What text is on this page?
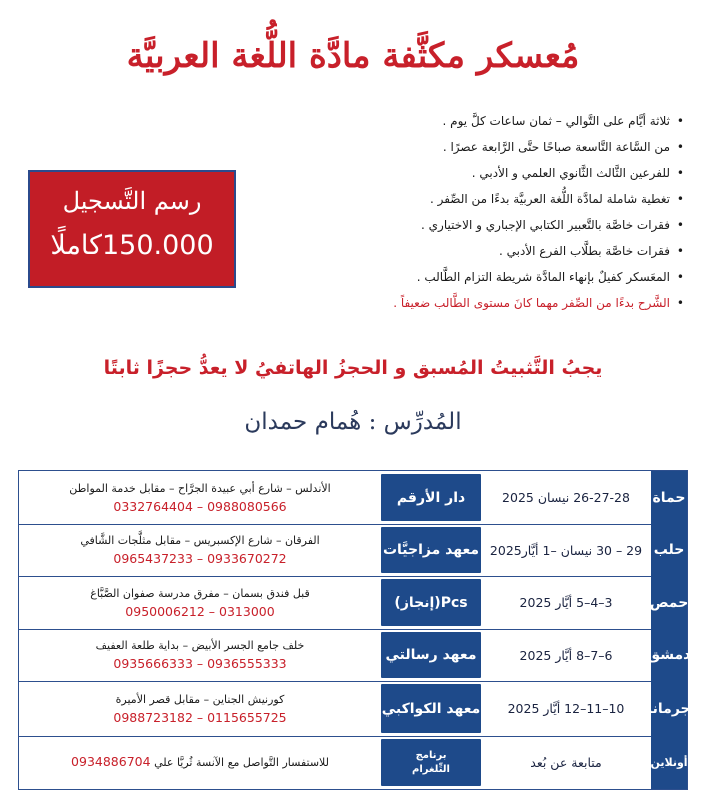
مُعسكر مكثَّفة مادَّة اللُّغة العربيَّة
• ثلاثة أيَّام على التَّوالي – ثمان ساعات كلَّ يوم .
• من السَّاعة التَّاسعة صباحًا حتَّى الرَّابعة عصرًا .
• للفرعين الثَّالث الثَّانوي العلمي و الأدبي .
• تغطية شاملة لمادَّة اللُّغة العربيَّة بدءًا من الصِّفر .
• فقرات خاصَّة بالتَّعبير الكتابي الإجباري و الاختياري .
• فقرات خاصَّة بطلَّاب الفرع الأدبي .
• المعَسكر كفيلٌ بإنهاء المادَّة شريطة التزام الطَّالب .
• الشَّرح بدءًا من الصِّفر مهما كانَ مستوى الطَّالب ضعيفاً .
رسم التَّسجيل
150.000كاملًا
يجبُ التَّثبيتُ المُسبق و الحجزُ الهاتفيُ لا يعدُّ حجزًا ثابتًا
المُدرِّس : هُمام حمدان
حماة
26-27-28 نيسان 2025
دار الأرقم
الأندلس – شارع أبي عبيدة الجرَّاح – مقابل خدمة المواطن
0988080566 – 0332764404
حلب
29 – 30 نيسان –1 أيَّار2025
معهد مزاجيَّات
الفرقان – شارع الإكسبريس – مقابل مثلَّجات الشَّافي
0933670272 – 0965437233
حمص
3–4–5 أيَّار 2025
Pcs(إنجاز)
قبل فندق بسمان – مفرق مدرسة صفوان الصَّبَّاغ
0313000 – 0950006212
دمشق
6–7–8 أيَّار 2025
معهد رسالتي
خلف جامع الجسر الأبيض – بداية طلعة العفيف
0936555333 – 0935666333
جرمانا
10–11–12 أيَّار 2025
معهد الكواكبي
كورنيش الجناين – مقابل قصر الأميرة
0115655725 – 0988723182
أونلاين
متابعة عن بُعد
برنامج
التِّلغرام
للاستفسار التَّواصل مع الآنسة ثُريَّا علي 0934886704
